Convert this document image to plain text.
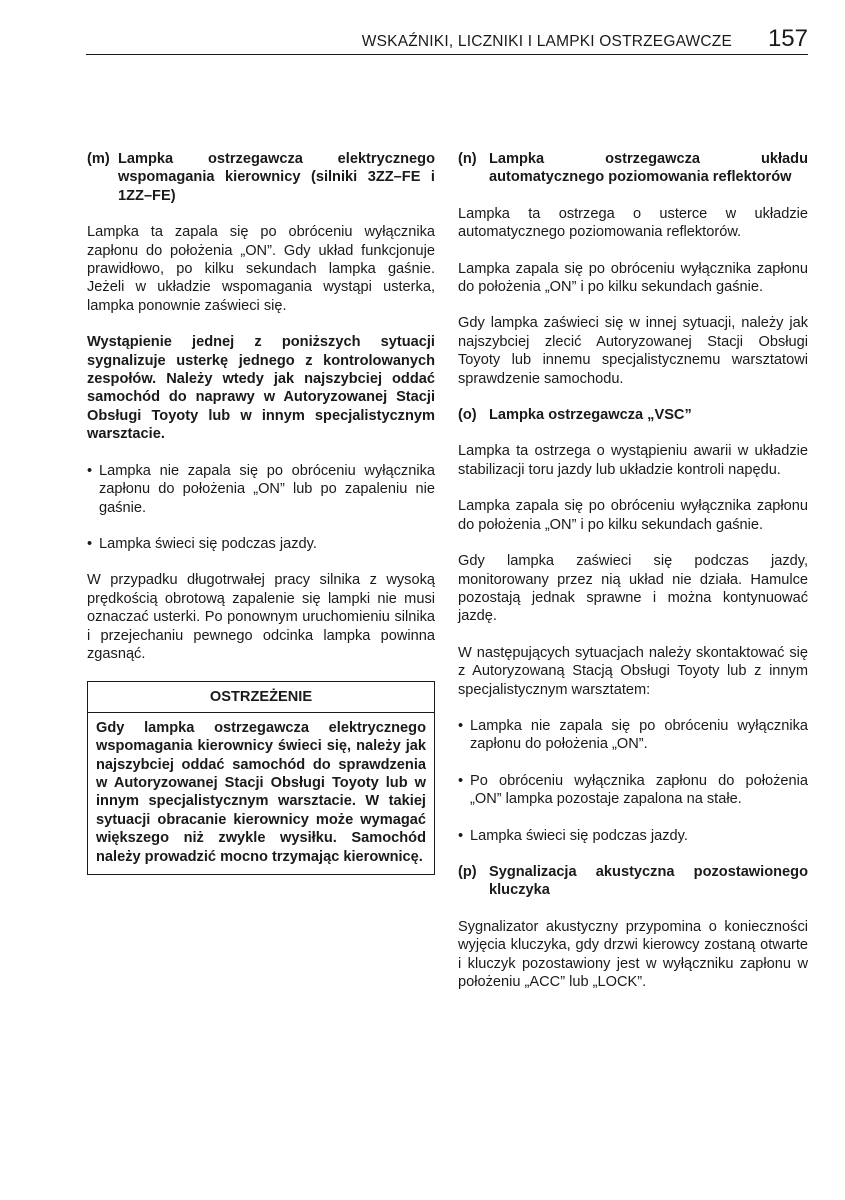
WSKAŹNIKI, LICZNIKI I LAMPKI OSTRZEGAWCZE 157
(m) Lampka ostrzegawcza elektrycznego wspomagania kierownicy (silniki 3ZZ–FE i 1ZZ–FE)

Lampka ta zapala się po obróceniu wyłącznika zapłonu do położenia „ON”. Gdy układ funkcjonuje prawidłowo, po kilku sekundach lampka gaśnie. Jeżeli w układzie wspomagania wystąpi usterka, lampka ponownie zaświeci się.

Wystąpienie jednej z poniższych sytuacji sygnalizuje usterkę jednego z kontrolowanych zespołów. Należy wtedy jak najszybciej oddać samochód do naprawy w Autoryzowanej Stacji Obsługi Toyoty lub w innym specjalistycznym warsztacie.

• Lampka nie zapala się po obróceniu wyłącznika zapłonu do położenia „ON” lub po zapaleniu nie gaśnie.
• Lampka świeci się podczas jazdy.

W przypadku długotrwałej pracy silnika z wysoką prędkością obrotową zapalenie się lampki nie musi oznaczać usterki. Po ponownym uruchomieniu silnika i przejechaniu pewnego odcinka lampka powinna zgasnąć.

OSTRZEŻENIE
Gdy lampka ostrzegawcza elektrycznego wspomagania kierownicy świeci się, należy jak najszybciej oddać samochód do sprawdzenia w Autoryzowanej Stacji Obsługi Toyoty lub w innym specjalistycznym warsztacie. W takiej sytuacji obracanie kierownicy może wymagać większego niż zwykle wysiłku. Samochód należy prowadzić mocno trzymając kierownicę.
(n) Lampka ostrzegawcza układu automatycznego poziomowania reflektorów

Lampka ta ostrzega o usterce w układzie automatycznego poziomowania reflektorów.

Lampka zapala się po obróceniu wyłącznika zapłonu do położenia „ON” i po kilku sekundach gaśnie.

Gdy lampka zaświeci się w innej sytuacji, należy jak najszybciej zlecić Autoryzowanej Stacji Obsługi Toyoty lub innemu specjalistycznemu warsztatowi sprawdzenie samochodu.

(o) Lampka ostrzegawcza „VSC”

Lampka ta ostrzega o wystąpieniu awarii w układzie stabilizacji toru jazdy lub układzie kontroli napędu.

Lampka zapala się po obróceniu wyłącznika zapłonu do położenia „ON” i po kilku sekundach gaśnie.

Gdy lampka zaświeci się podczas jazdy, monitorowany przez nią układ nie działa. Hamulce pozostają jednak sprawne i można kontynuować jazdę.

W następujących sytuacjach należy skontaktować się z Autoryzowaną Stacją Obsługi Toyoty lub z innym specjalistycznym warsztatem:

• Lampka nie zapala się po obróceniu wyłącznika zapłonu do położenia „ON”.
• Po obróceniu wyłącznika zapłonu do położenia „ON” lampka pozostaje zapalona na stałe.
• Lampka świeci się podczas jazdy.
(p) Sygnalizacja akustyczna pozostawionego kluczyka

Sygnalizator akustyczny przypomina o konieczności wyjęcia kluczyka, gdy drzwi kierowcy zostaną otwarte i kluczyk pozostawiony jest w wyłączniku zapłonu w położeniu „ACC” lub „LOCK”.
